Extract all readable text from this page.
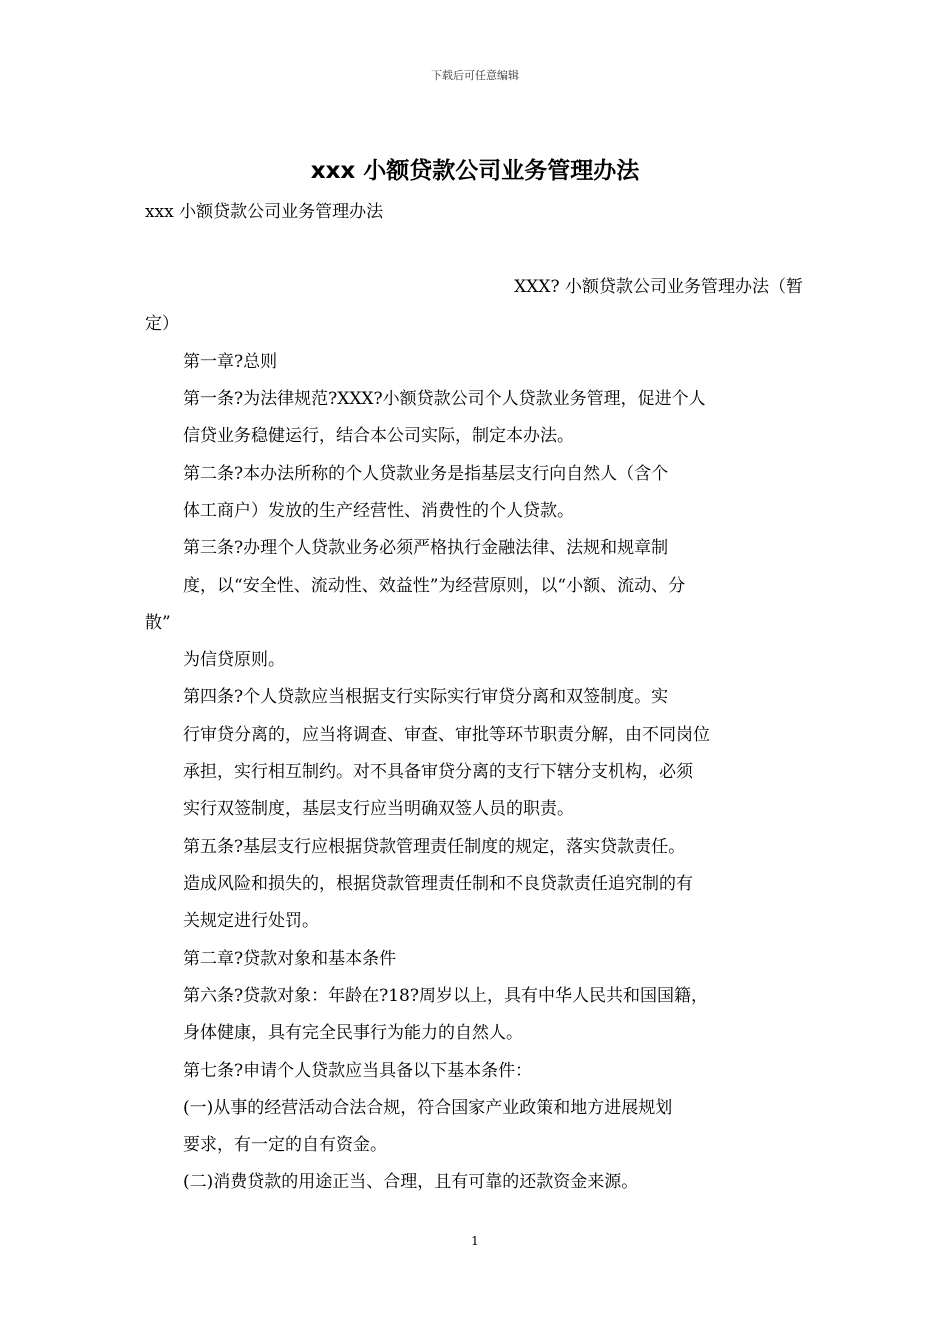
下载后可任意编辑
xxx 小额贷款公司业务管理办法
xxx 小额贷款公司业务管理办法
XXX? 小额贷款公司业务管理办法（暂
定）
第一章?总则
第一条?为法律规范?XXX?小额贷款公司个人贷款业务管理，促进个人
信贷业务稳健运行，结合本公司实际，制定本办法。
第二条?本办法所称的个人贷款业务是指基层支行向自然人（含个
体工商户）发放的生产经营性、消费性的个人贷款。
第三条?办理个人贷款业务必须严格执行金融法律、法规和规章制
度，以“安全性、流动性、效益性”为经营原则，以“小额、流动、分
散”
为信贷原则。
第四条?个人贷款应当根据支行实际实行审贷分离和双签制度。实
行审贷分离的，应当将调查、审查、审批等环节职责分解，由不同岗位
承担，实行相互制约。对不具备审贷分离的支行下辖分支机构，必须
实行双签制度，基层支行应当明确双签人员的职责。
第五条?基层支行应根据贷款管理责任制度的规定，落实贷款责任。
造成风险和损失的，根据贷款管理责任制和不良贷款责任追究制的有
关规定进行处罚。
第二章?贷款对象和基本条件
第六条?贷款对象：年龄在?18?周岁以上，具有中华人民共和国国籍，
身体健康，具有完全民事行为能力的自然人。
第七条?申请个人贷款应当具备以下基本条件：
(一)从事的经营活动合法合规，符合国家产业政策和地方进展规划
要求，有一定的自有资金。
(二)消费贷款的用途正当、合理，且有可靠的还款资金来源。
1
